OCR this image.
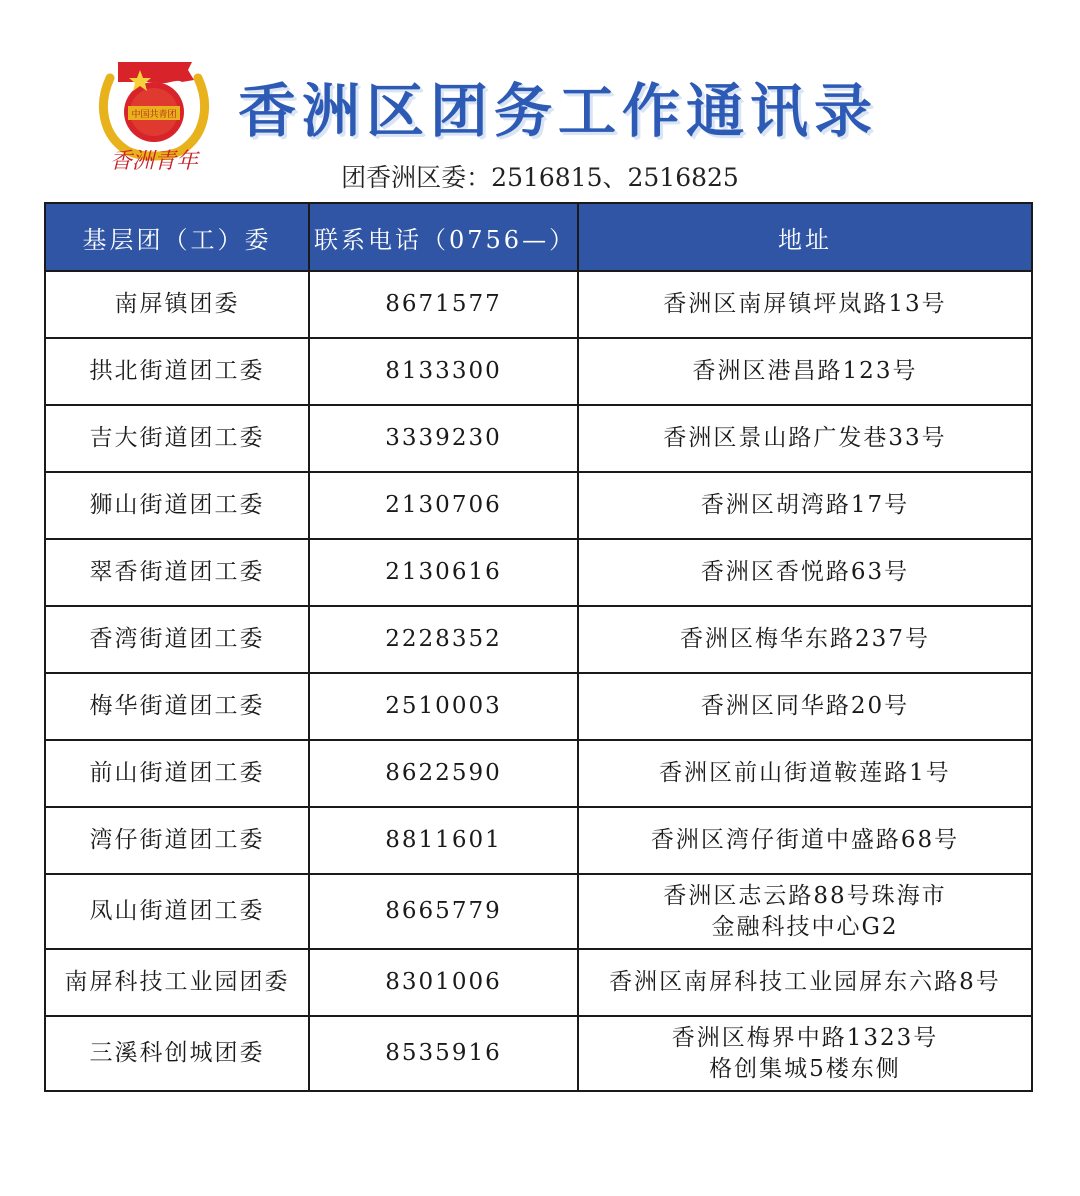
中国共青团
香洲青年
香洲区团务工作通讯录
团香洲区委：2516815、2516825
基层团（工）委	联系电话（0756—）	地址
南屏镇团委	8671577	香洲区南屏镇坪岚路13号

拱北街道团工委	8133300	香洲区港昌路123号

吉大街道团工委	3339230	香洲区景山路广发巷33号

狮山街道团工委	2130706	香洲区胡湾路17号

翠香街道团工委	2130616	香洲区香悦路63号

香湾街道团工委	2228352	香洲区梅华东路237号

梅华街道团工委	2510003	香洲区同华路20号

前山街道团工委	8622590	香洲区前山街道鞍莲路1号

湾仔街道团工委	8811601	香洲区湾仔街道中盛路68号

凤山街道团工委	8665779	香洲区志云路88号珠海市
金融科技中心G2

南屏科技工业园团委	8301006	香洲区南屏科技工业园屏东六路8号

三溪科创城团委	8535916	香洲区梅界中路1323号
格创集城5楼东侧
